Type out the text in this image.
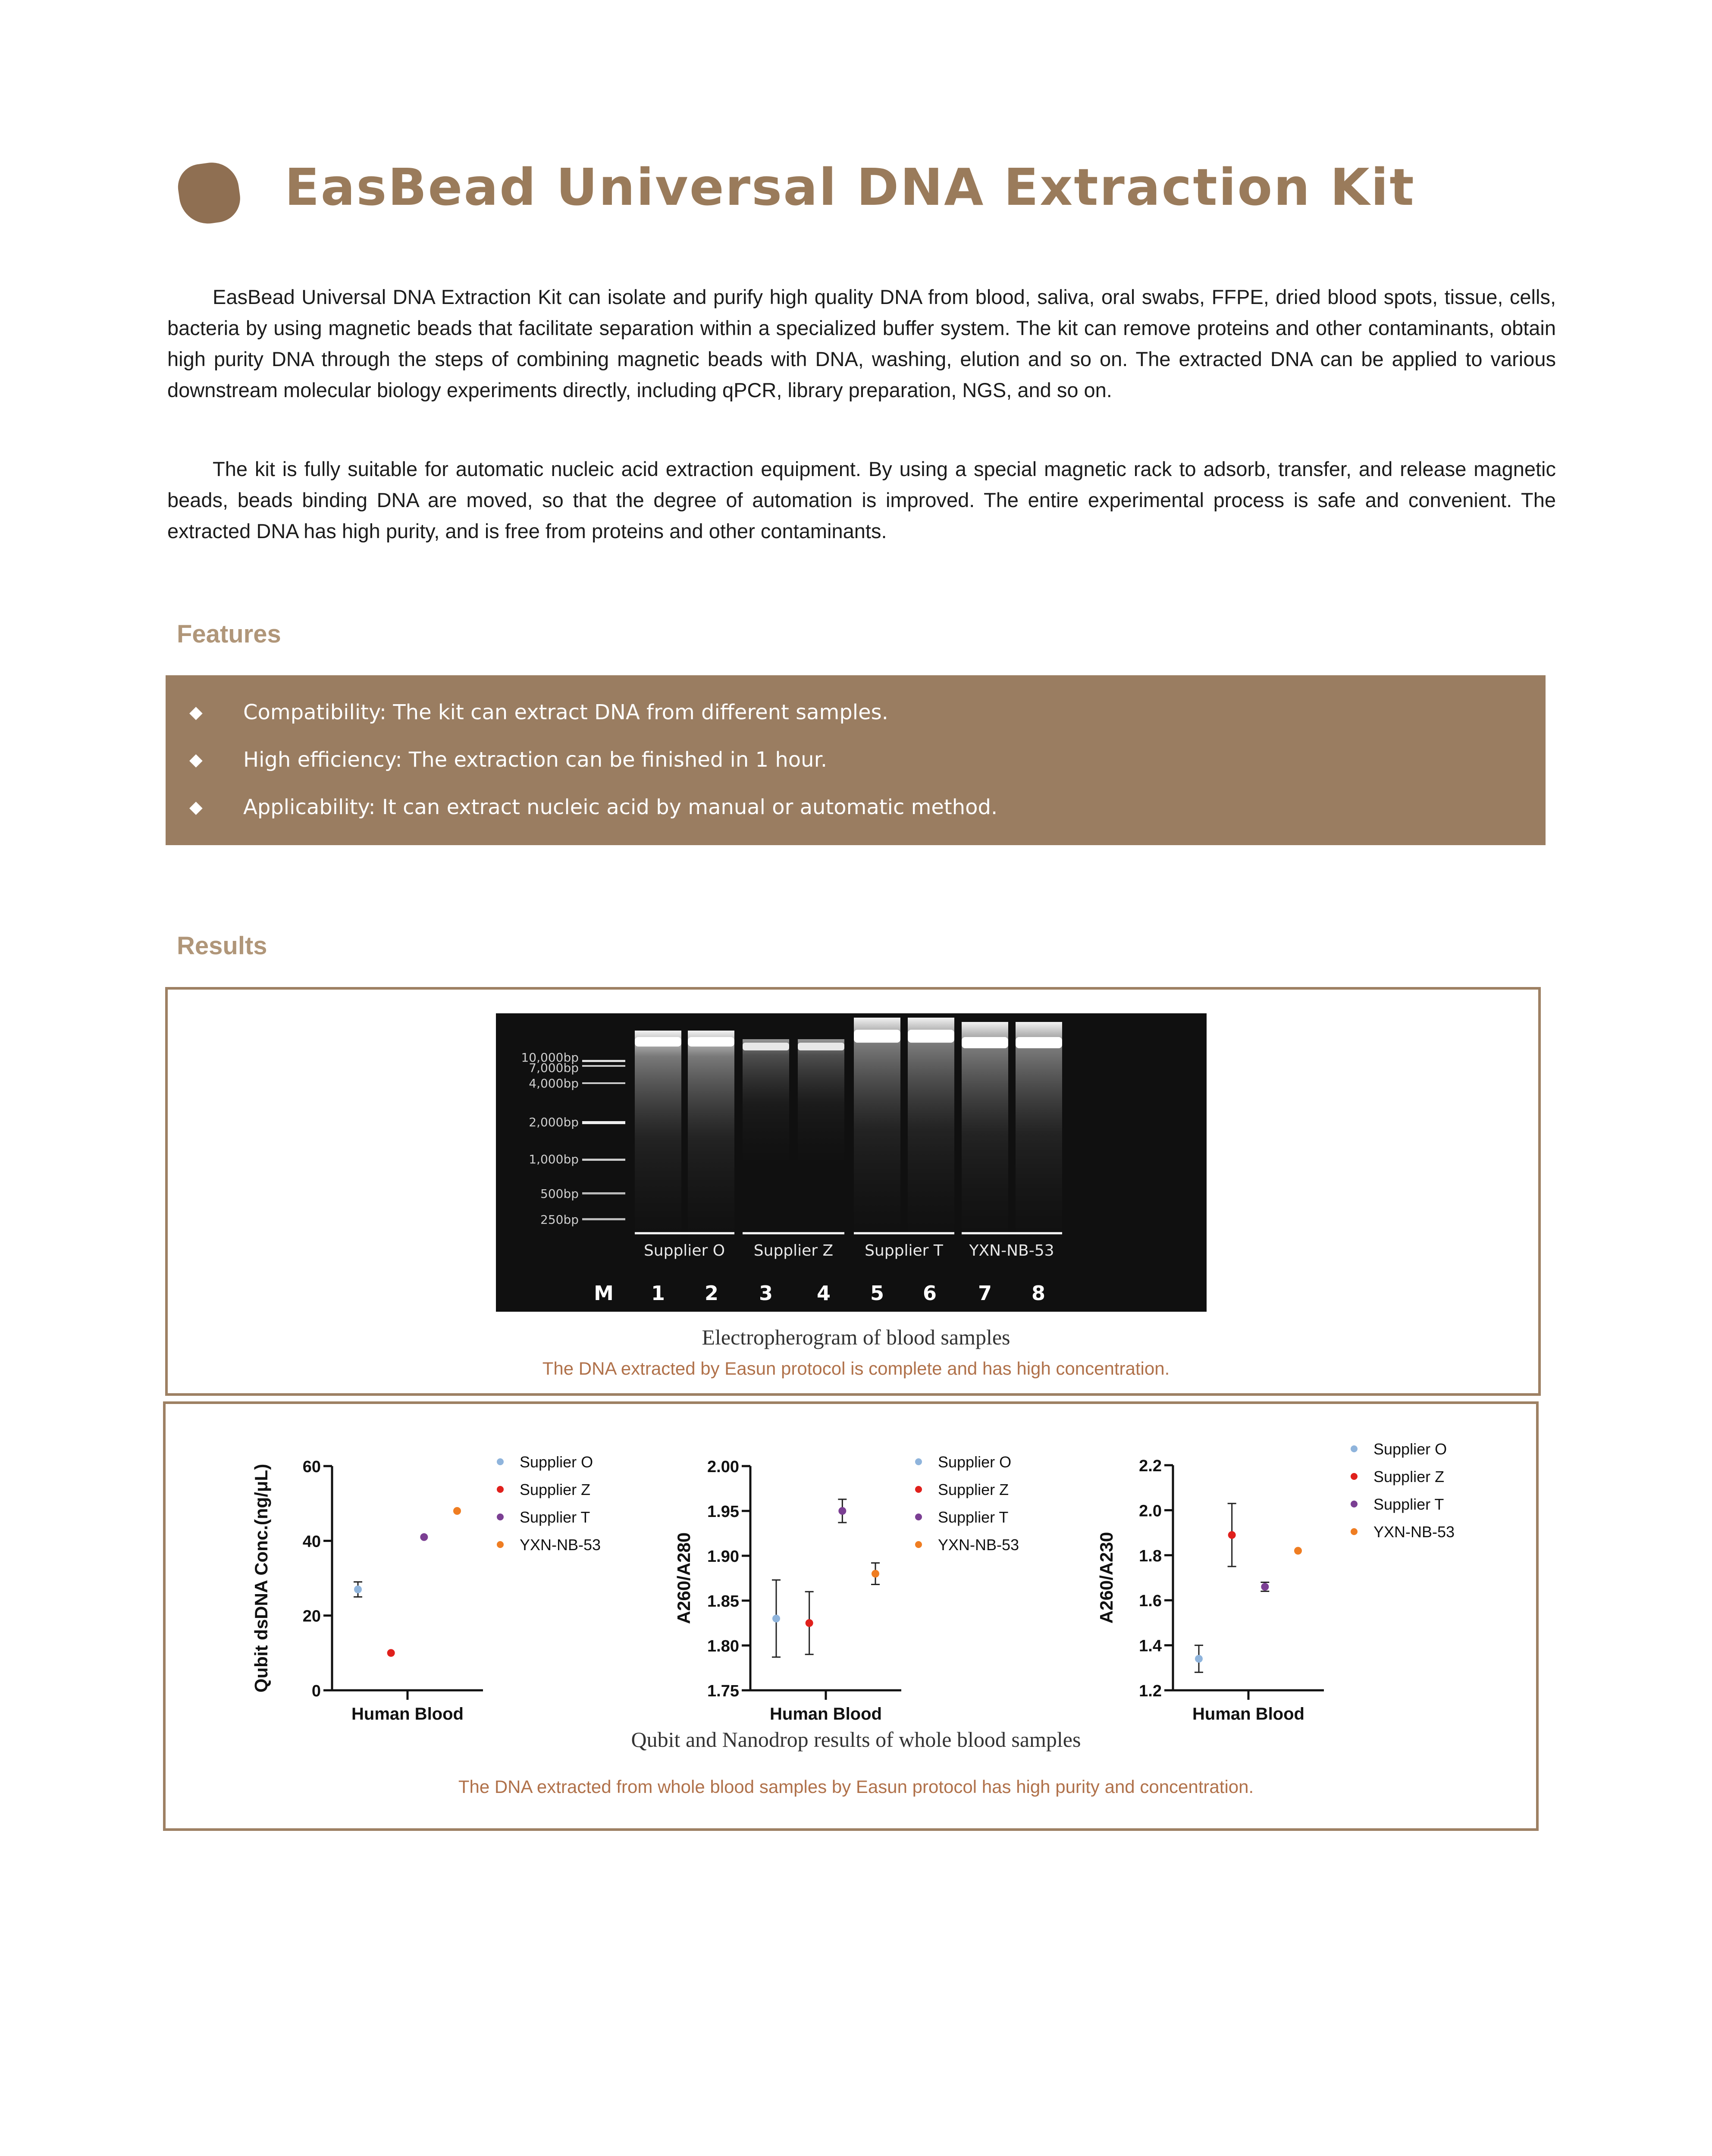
EasBead Universal DNA Extraction Kit
EasBead Universal DNA Extraction Kit can isolate and purify high quality DNA from blood, saliva, oral swabs, FFPE, dried blood spots, tissue, cells, bacteria by using magnetic beads that facilitate separation within a specialized buffer system. The kit can remove proteins and other contaminants, obtain high purity DNA through the steps of combining magnetic beads with DNA, washing, elution and so on. The extracted DNA can be applied to various downstream molecular biology experiments directly, including qPCR, library preparation, NGS, and so on.
The kit is fully suitable for automatic nucleic acid extraction equipment. By using a special magnetic rack to adsorb, transfer, and release magnetic beads, beads binding DNA are moved, so that the degree of automation is improved. The entire experimental process is safe and convenient. The extracted DNA has high purity, and is free from proteins and other contaminants.
Features
◆ Compatibility: The kit can extract DNA from different samples.
◆ High efficiency: The extraction can be finished in 1 hour.
◆ Applicability: It can extract nucleic acid by manual or automatic method.
Results
10,000bp
7,000bp
4,000bp
2,000bp
1,000bp
500bp
250bp
Supplier O Supplier Z Supplier T YXN-NB-53
M 1 2 3 4 5 6 7 8
Electropherogram of blood samples
The DNA extracted by Easun protocol is complete and has high concentration.
0
20
40
60
Human Blood
Qubit dsDNA Conc.(ng/μL)
Supplier O
Supplier Z
Supplier T
YXN-NB-53
1.75
1.80
1.85
1.90
1.95
2.00
Human Blood
A260/A280
Supplier O
Supplier Z
Supplier T
YXN-NB-53
1.2
1.4
1.6
1.8
2.0
2.2
Human Blood
A260/A230
Supplier O
Supplier Z
Supplier T
YXN-NB-53
Qubit and Nanodrop results of whole blood samples
The DNA extracted from whole blood samples by Easun protocol has high purity and concentration.
